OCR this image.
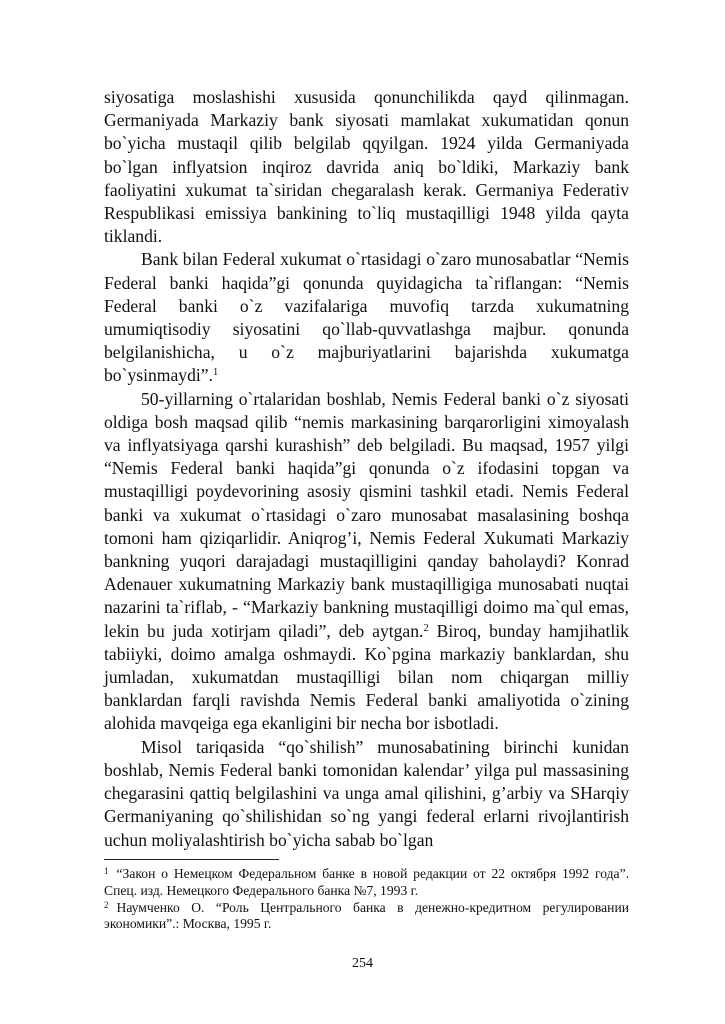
siyosatiga moslashishi xususida qonunchilikda qayd qilinmagan. Germaniyada Markaziy bank siyosati mamlakat xukumatidan qonun bo`yicha mustaqil qilib belgilab qqyilgan. 1924 yilda Germaniyada bo`lgan inflyatsion inqiroz davrida aniq bo`ldiki, Markaziy bank faoliyatini xukumat ta`siridan chegaralash kerak. Germaniya Federativ Respublikasi emissiya bankining to`liq mustaqilligi 1948 yilda qayta tiklandi.

Bank bilan Federal xukumat o`rtasidagi o`zaro munosabatlar “Nemis Federal banki haqida”gi qonunda quyidagicha ta`riflangan: “Nemis Federal banki o`z vazifalariga muvofiq tarzda xukumatning umumiqtisodiy siyosatini qo`llab-quvvatlashga majbur. qonunda belgilanishicha, u o`z majburiyatlarini bajarishda xukumatga bo`ysinmaydi”.$^1$

50-yillarning o`rtalaridan boshlab, Nemis Federal banki o`z siyosati oldiga bosh maqsad qilib “nemis markasining barqarorligini ximoyalash va inflyatsiyaga qarshi kurashish” deb belgiladi. Bu maqsad, 1957 yilgi “Nemis Federal banki haqida”gi qonunda o`z ifodasini topgan va mustaqilligi poydevorining asosiy qismini tashkil etadi. Nemis Federal banki va xukumat o`rtasidagi o`zaro munosabat masalasining boshqa tomoni ham qiziqarlidir. Aniqrog’i, Nemis Federal Xukumati Markaziy bankning yuqori darajadagi mustaqilligini qanday baholaydi? Konrad Adenauer xukumatning Markaziy bank mustaqilligiga munosabati nuqtai nazarini ta`riflab, - “Markaziy bankning mustaqilligi doimo ma`qul emas, lekin bu juda xotirjam qiladi”, deb aytgan.$^2$ Biroq, bunday hamjihatlik tabiiyki, doimo amalga oshmaydi. Ko`pgina markaziy banklardan, shu jumladan, xukumatdan mustaqilligi bilan nom chiqargan milliy banklardan farqli ravishda Nemis Federal banki amaliyotida o`zining alohida mavqeiga ega ekanligini bir necha bor isbotladi.

Misol tariqasida “qo`shilish” munosabatining birinchi kunidan boshlab, Nemis Federal banki tomonidan kalendar’ yilga pul massasining chegarasini qattiq belgilashini va unga amal qilishini, g’arbiy va SHarqiy Germaniyaning qo`shilishidan so`ng yangi federal erlarni rivojlantirish uchun moliyalashtirish bo`yicha sabab bo`lgan

$^1$ “Закон о Немецком Федеральном банке в новой редакции от 22 октября 1992 года”. Спец. изд. Немецкого Федерального банка №7, 1993 г.

$^2$ Наумченко О. “Роль Центрального банка в денежно-кредитном регулировании экономики”.: Москва, 1995 г.

254
